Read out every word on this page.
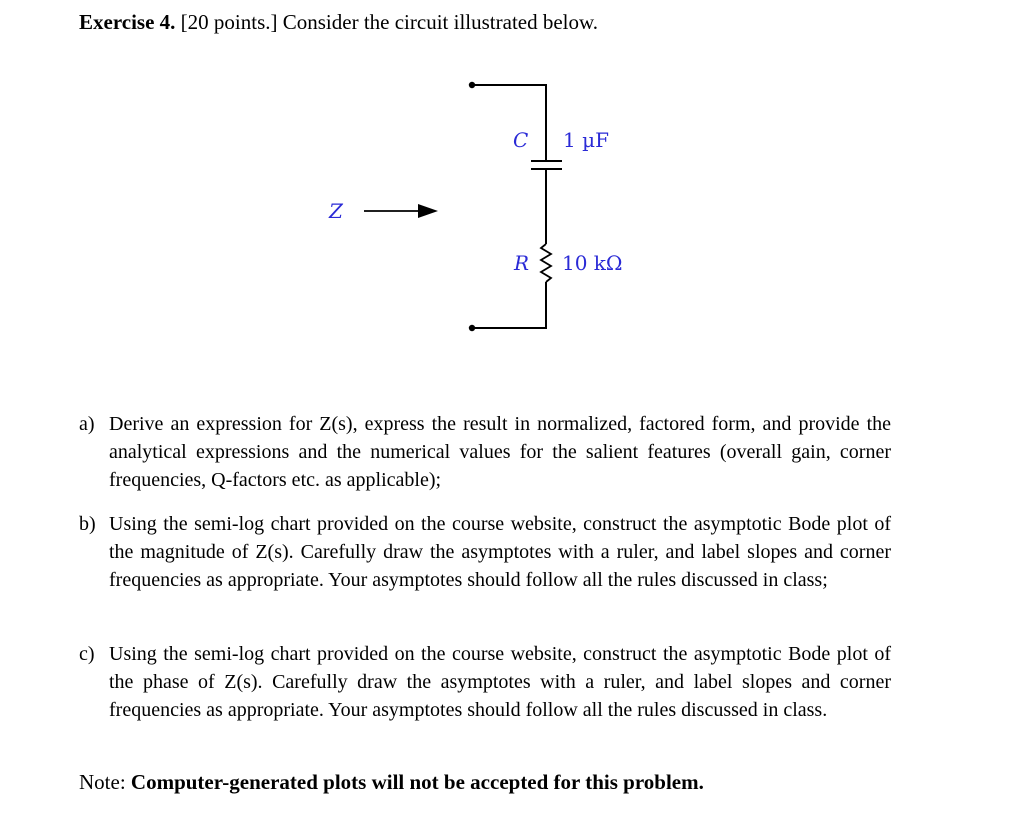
Exercise 4. [20 points.] Consider the circuit illustrated below.
Z
C 1 µF
R 10 kΩ
a) Derive an expression for Z(s), express the result in normalized, factored form, and provide the analytical expressions and the numerical values for the salient features (overall gain, corner frequencies, Q-factors etc. as applicable);
b) Using the semi-log chart provided on the course website, construct the asymptotic Bode plot of the magnitude of Z(s). Carefully draw the asymptotes with a ruler, and label slopes and corner frequencies as appropriate. Your asymptotes should follow all the rules discussed in class;
c) Using the semi-log chart provided on the course website, construct the asymptotic Bode plot of the phase of Z(s). Carefully draw the asymptotes with a ruler, and label slopes and corner frequencies as appropriate. Your asymptotes should follow all the rules discussed in class.
Note: Computer-generated plots will not be accepted for this problem.
